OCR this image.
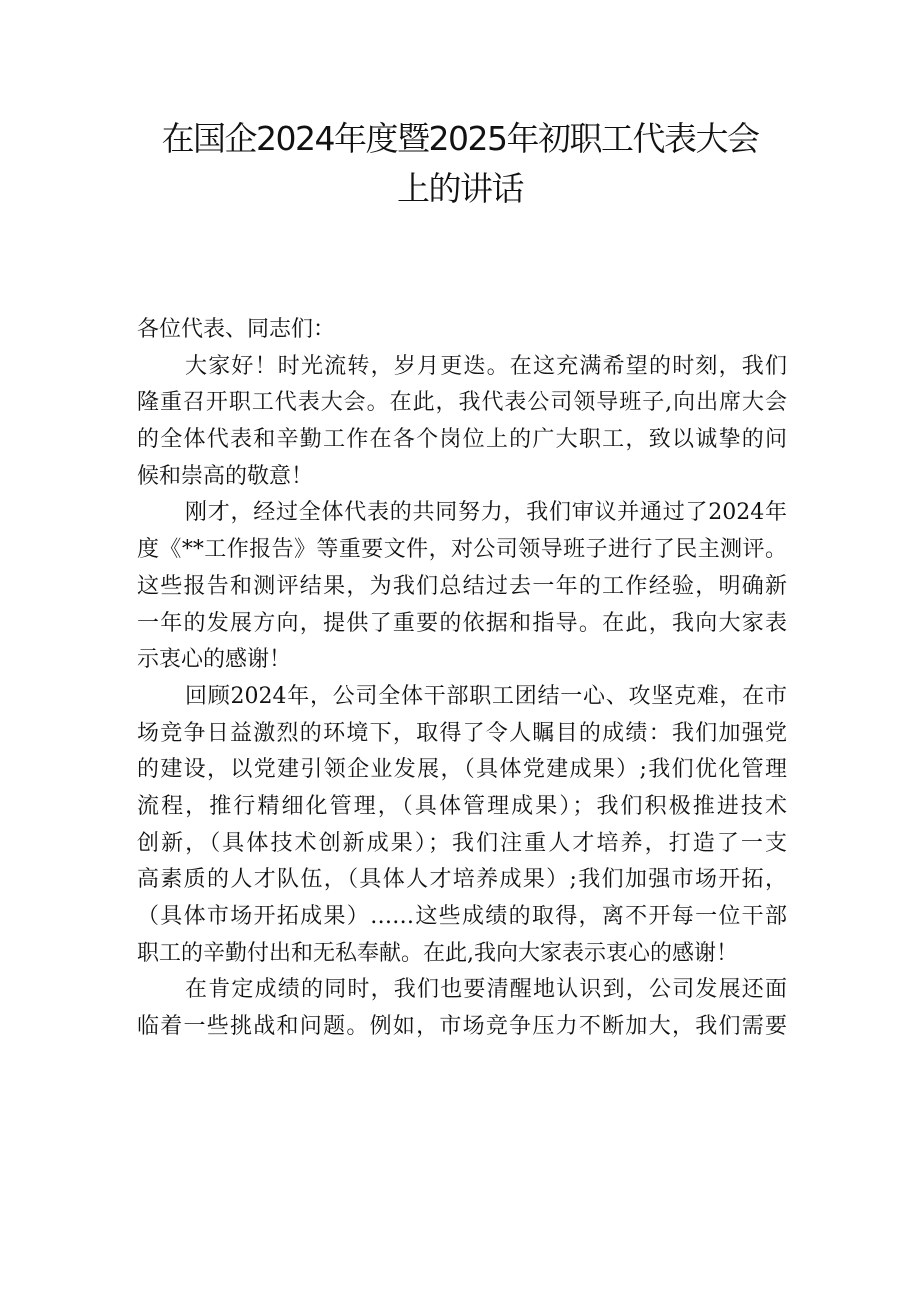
在国企2024年度暨2025年初职工代表大会
上的讲话
各位代表、同志们：

大家好！时光流转，岁月更迭。在这充满希望的时刻，我们
隆重召开职工代表大会。在此，我代表公司领导班子,向出席大会
的全体代表和辛勤工作在各个岗位上的广大职工，致以诚挚的问
候和崇高的敬意！

刚才，经过全体代表的共同努力，我们审议并通过了2024年
度《**工作报告》等重要文件，对公司领导班子进行了民主测评。
这些报告和测评结果，为我们总结过去一年的工作经验，明确新
一年的发展方向，提供了重要的依据和指导。在此，我向大家表
示衷心的感谢！

回顾2024年，公司全体干部职工团结一心、攻坚克难，在市
场竞争日益激烈的环境下，取得了令人瞩目的成绩：我们加强党
的建设，以党建引领企业发展，（具体党建成果）;我们优化管理
流程，推行精细化管理，（具体管理成果）；我们积极推进技术
创新，（具体技术创新成果）；我们注重人才培养，打造了一支
高素质的人才队伍，（具体人才培养成果）;我们加强市场开拓，
（具体市场开拓成果）……这些成绩的取得，离不开每一位干部
职工的辛勤付出和无私奉献。在此,我向大家表示衷心的感谢！

在肯定成绩的同时，我们也要清醒地认识到，公司发展还面
临着一些挑战和问题。例如，市场竞争压力不断加大，我们需要
